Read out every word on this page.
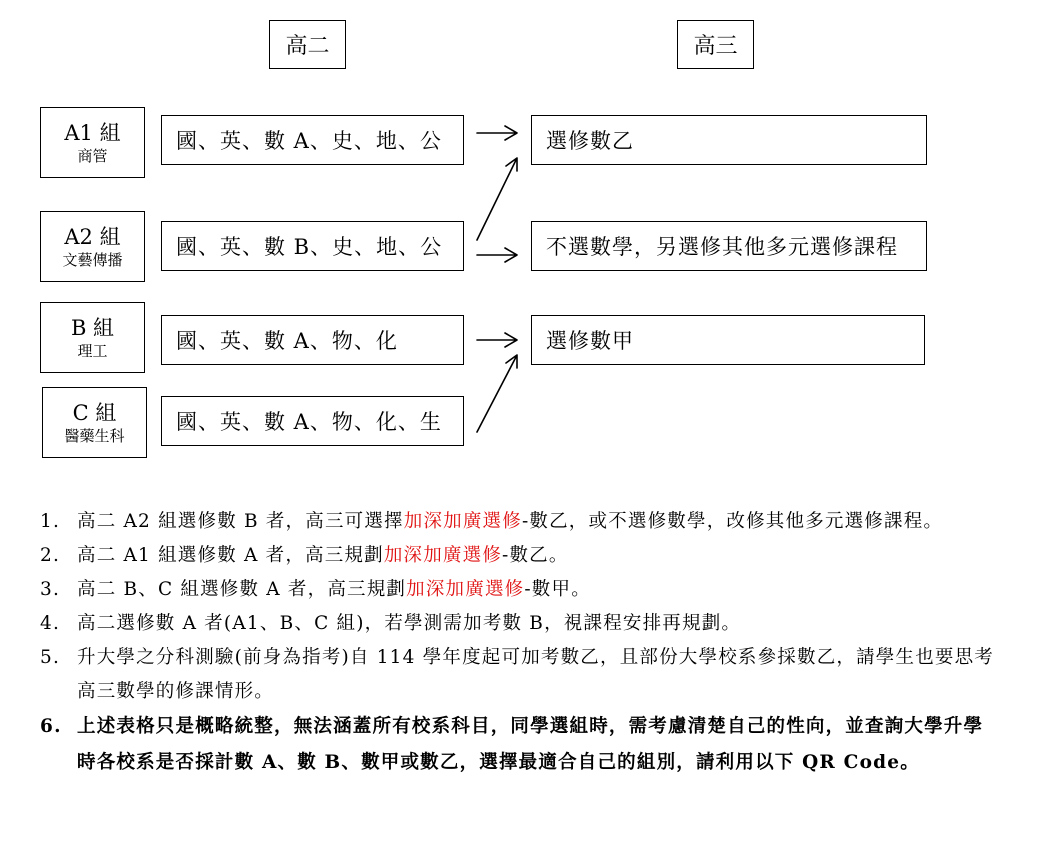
高二	高三
A1 組
商管
A2 組
文藝傳播
B 組
理工
C 組
醫藥生科
國、英、數 A、史、地、公
國、英、數 B、史、地、公
國、英、數 A、物、化
國、英、數 A、物、化、生
選修數乙
不選數學，另選修其他多元選修課程
選修數甲
1. 高二 A2 組選修數 B 者，高三可選擇加深加廣選修-數乙，或不選修數學，改修其他多元選修課程。
2. 高二 A1 組選修數 A 者，高三規劃加深加廣選修-數乙。
3. 高二 B、C 組選修數 A 者，高三規劃加深加廣選修-數甲。
4. 高二選修數 A 者(A1、B、C 組)，若學測需加考數 B，視課程安排再規劃。
5. 升大學之分科測驗(前身為指考)自 114 學年度起可加考數乙，且部份大學校系參採數乙，請學生也要思考高三數學的修課情形。
6. 上述表格只是概略統整，無法涵蓋所有校系科目，同學選組時，需考慮清楚自己的性向，並查詢大學升學時各校系是否採計數 A、數 B、數甲或數乙，選擇最適合自己的組別，請利用以下 QR Code。
